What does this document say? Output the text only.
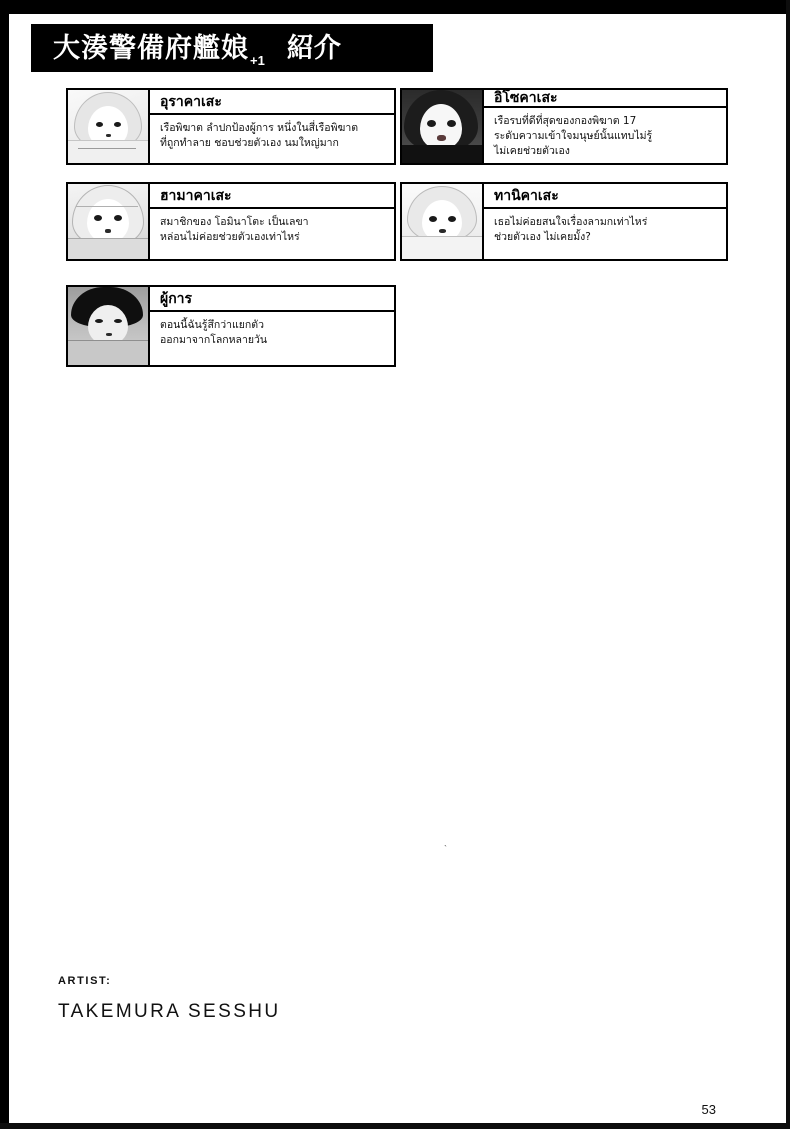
大湊警備府艦娘 +1 紹介
อุราคาเสะ
เรือพิฆาต ลำปกป้องผู้การ หนึ่งในสี่เรือพิฆาต
ที่ถูกทำลาย ชอบช่วยตัวเอง นมใหญ่มาก
อิโซคาเสะ
เรือรบที่ดีที่สุดของกองพิฆาต 17
ระดับความเข้าใจมนุษย์นั้นแทบไม่รู้
ไม่เคยช่วยตัวเอง
ฮามาคาเสะ
สมาชิกของ โอมินาโตะ เป็นเลขา
หล่อนไม่ค่อยช่วยตัวเองเท่าไหร่
ทานิคาเสะ
เธอไม่ค่อยสนใจเรื่องลามกเท่าไหร่
ช่วยตัวเอง ไม่เคยมั้ง?
ผู้การ
ตอนนี้ฉันรู้สึกว่าแยกตัว
ออกมาจากโลกหลายวัน
`
ARTIST:
TAKEMURA SESSHU
53
